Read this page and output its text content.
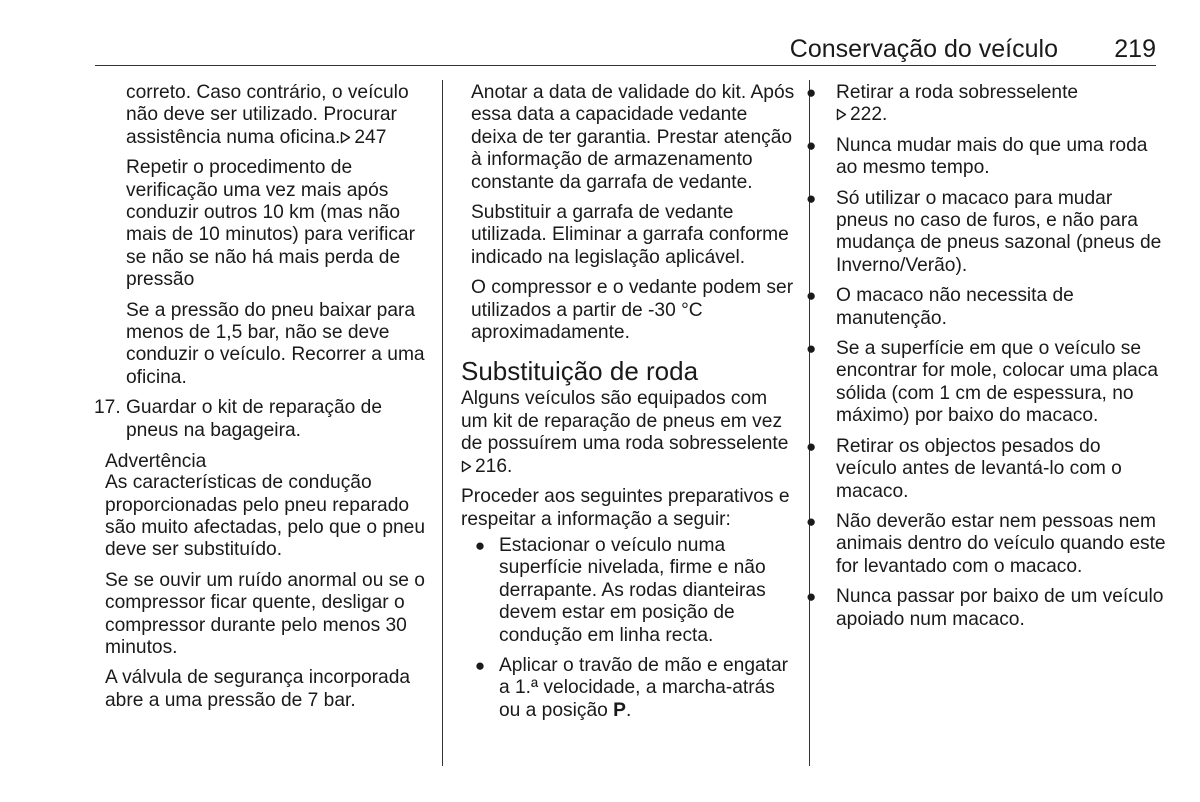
Conservação do veículo 219

correto. Caso contrário, o veículo não deve ser utilizado. Procurar assistência numa oficina. 247

Repetir o procedimento de verificação uma vez mais após conduzir outros 10 km (mas não mais de 10 minutos) para verificar se não se não há mais perda de pressão

Se a pressão do pneu baixar para menos de 1,5 bar, não se deve conduzir o veículo. Recorrer a uma oficina.

17. Guardar o kit de reparação de pneus na bagageira.

Advertência

As características de condução proporcionadas pelo pneu reparado são muito afectadas, pelo que o pneu deve ser substituído.

Se se ouvir um ruído anormal ou se o compressor ficar quente, desligar o compressor durante pelo menos 30 minutos.

A válvula de segurança incorporada abre a uma pressão de 7 bar.

Anotar a data de validade do kit. Após essa data a capacidade vedante deixa de ter garantia. Prestar atenção à informação de armazenamento constante da garrafa de vedante.

Substituir a garrafa de vedante utilizada. Eliminar a garrafa conforme indicado na legislação aplicável.

O compressor e o vedante podem ser utilizados a partir de -30 °C aproximadamente.

Substituição de roda

Alguns veículos são equipados com um kit de reparação de pneus em vez de possuírem uma roda sobresselente
216.

Proceder aos seguintes preparativos e respeitar a informação a seguir:

● Estacionar o veículo numa superfície nivelada, firme e não derrapante. As rodas dianteiras devem estar em posição de condução em linha recta.
● Aplicar o travão de mão e engatar a 1.ª velocidade, a marcha-atrás ou a posição P.
●	Retirar a roda sobresselente

222.
●	Nunca mudar mais do que uma roda ao mesmo tempo.
●	Só utilizar o macaco para mudar pneus no caso de furos, e não para mudança de pneus sazonal (pneus de Inverno/Verão).
●	O macaco não necessita de manutenção.
●	Se a superfície em que o veículo se encontrar for mole, colocar uma placa sólida (com 1 cm de espessura, no máximo) por baixo do macaco.
●	Retirar os objectos pesados do veículo antes de levantá-lo com o macaco.
●	Não deverão estar nem pessoas nem animais dentro do veículo quando este for levantado com o macaco.
●	Nunca passar por baixo de um veículo apoiado num macaco.
